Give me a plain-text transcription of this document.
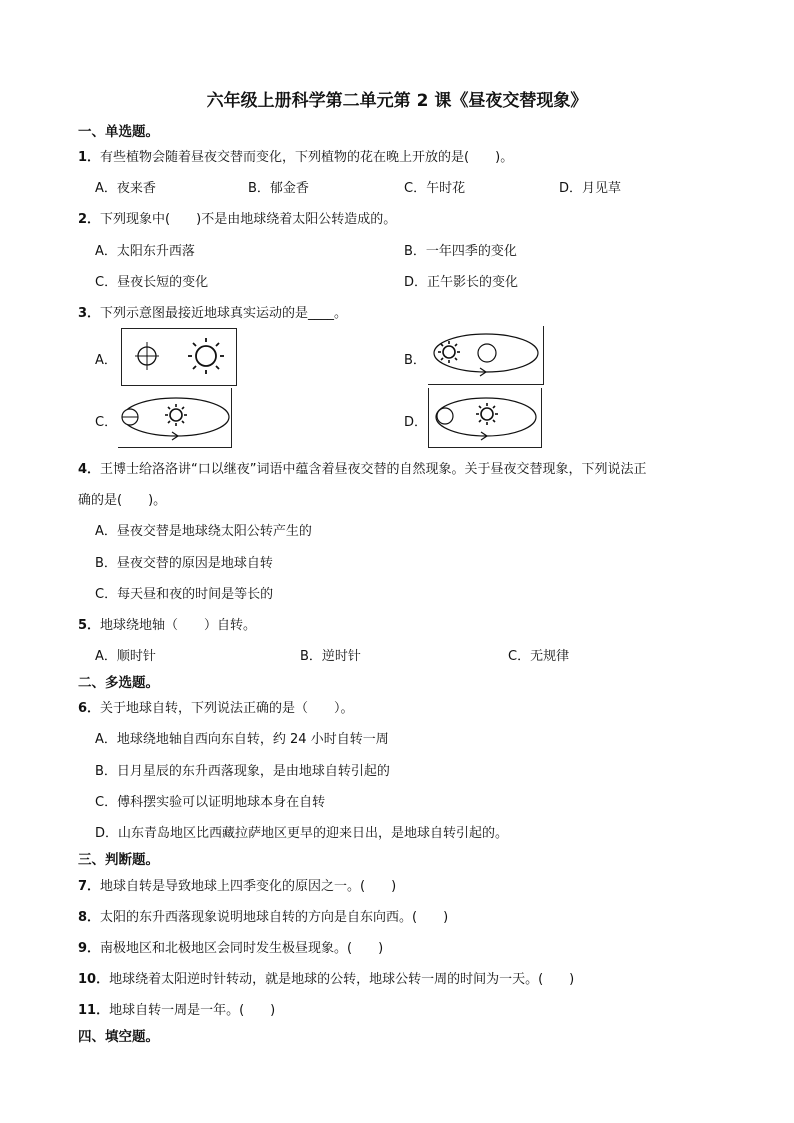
六年级上册科学第二单元第 2 课《昼夜交替现象》
一、单选题。
1．有些植物会随着昼夜交替而变化，下列植物的花在晚上开放的是(　　)。
A．夜来香	B．郁金香	C．午时花	D．月见草
2．下列现象中(　　)不是由地球绕着太阳公转造成的。
A．太阳东升西落	B．一年四季的变化
C．昼夜长短的变化	D．正午影长的变化
3．下列示意图最接近地球真实运动的是____。
A．	B．
C．	D．
4．王博士给洛洛讲“口以继夜”词语中蕴含着昼夜交替的自然现象。关于昼夜交替现象，下列说法正
确的是(　　)。
A．昼夜交替是地球绕太阳公转产生的
B．昼夜交替的原因是地球自转
C．每天昼和夜的时间是等长的
5．地球绕地轴（　　）自转。
A．顺时针	B．逆时针	C．无规律
二、多选题。
6．关于地球自转，下列说法正确的是（　　）。
A．地球绕地轴自西向东自转，约 24 小时自转一周
B．日月星辰的东升西落现象，是由地球自转引起的
C．傅科摆实验可以证明地球本身在自转
D．山东青岛地区比西藏拉萨地区更早的迎来日出，是地球自转引起的。
三、判断题。
7．地球自转是导致地球上四季变化的原因之一。(　　)
8．太阳的东升西落现象说明地球自转的方向是自东向西。(　　)
9．南极地区和北极地区会同时发生极昼现象。(　　)
10．地球绕着太阳逆时针转动，就是地球的公转，地球公转一周的时间为一天。(　　)
11．地球自转一周是一年。(　　)
四、填空题。
